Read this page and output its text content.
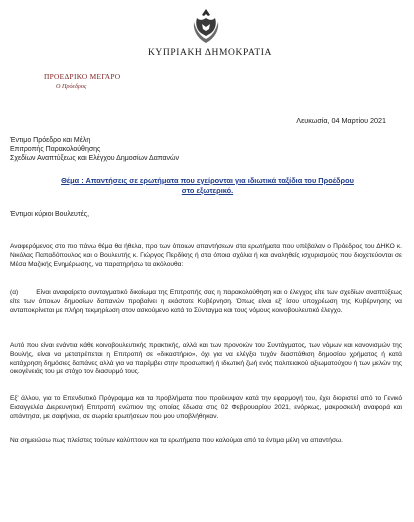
ΚΥΠΡΙΑΚΗ ΔΗΜΟΚΡΑΤΙΑ
ΠΡΟΕΔΡΙΚΟ ΜΕΓΑΡΟ
Ο Πρόεδρος
Λευκωσία, 04 Μαρτίου 2021
Έντιμο Πρόεδρο και Μέλη
Επιτροπής Παρακολούθησης
Σχεδίων Αναπτύξεως και Ελέγχου Δημοσίων Δαπανών
Θέμα : Απαντήσεις σε ερωτήματα που εγείρονται για ιδιωτικά ταξίδια του Προέδρου
στο εξωτερικό.
Έντιμοι κύριοι Βουλευτές,

Αναφερόμενος στο πιο πάνω θέμα θα ήθελα, προ των όποιων απαντήσεων στα ερωτήματα που υπέβαλαν ο Πρόεδρος του ΔΗΚΟ κ. Νικόλας Παπαδόπουλος και ο Βουλευτής κ. Γιώργος Περδίκης ή στα όποια σχόλια ή και αναληθείς ισχυρισμούς που διοχετεύονται σε Μέσα Μαζικής Ενημέρωσης, να παρατηρήσω τα ακόλουθα:

(α)	Είναι αναφαίρετο συνταγματικό δικαίωμα της Επιτροπής σας η παρακολούθηση και ο έλεγχος είτε των σχεδίων αναπτύξεως είτε των όποιων δημοσίων δαπανών προβαίνει η εκάστοτε Κυβέρνηση. Όπως είναι εξ' ίσου υποχρέωση της Κυβέρνησης να ανταποκρίνεται με πλήρη τεκμηρίωση στον ασκούμενο κατά το Σύνταγμα και τους νόμους κοινοβουλευτικό έλεγχο.

Αυτό που είναι ενάντια κάθε κοινοβουλευτικής πρακτικής, αλλά και των προνοιών του Συντάγματος, των νόμων και κανονισμών της Βουλής, είναι να μετατρέπεται η Επιτροπή σε «δικαστήριο», όχι για να ελέγξει τυχόν διασπάθιση δημοσίου χρήματος ή κατά κατάχρηση δημόσιες δαπάνες αλλά για να παρέμβει στην προσωπική ή ιδιωτική ζωή ενός πολιτειακού αξιωματούχου ή των μελών της οικογένειάς του με στόχο τον διασυρμό τους.

Εξ' άλλου, για το Επενδυτικό Πρόγραμμα και τα προβλήματα που προέκυψαν κατά την εφαρμογή του, έχει διοριστεί από το Γενικό Εισαγγελέα Διερευνητική Επιτροπή ενώπιον της οποίας έδωσα στις 02 Φεβρουαρίου 2021, ενόρκως, μακροσκελή αναφορά και απάντησα, με σαφήνεια, σε σωρεία ερωτήσεων που μου υποβλήθηκαν.

Να σημειώσω πως πλείστες τούτων καλύπτουν και τα ερωτήματα που καλούμαι από τα έντιμα μέλη να απαντήσω.
